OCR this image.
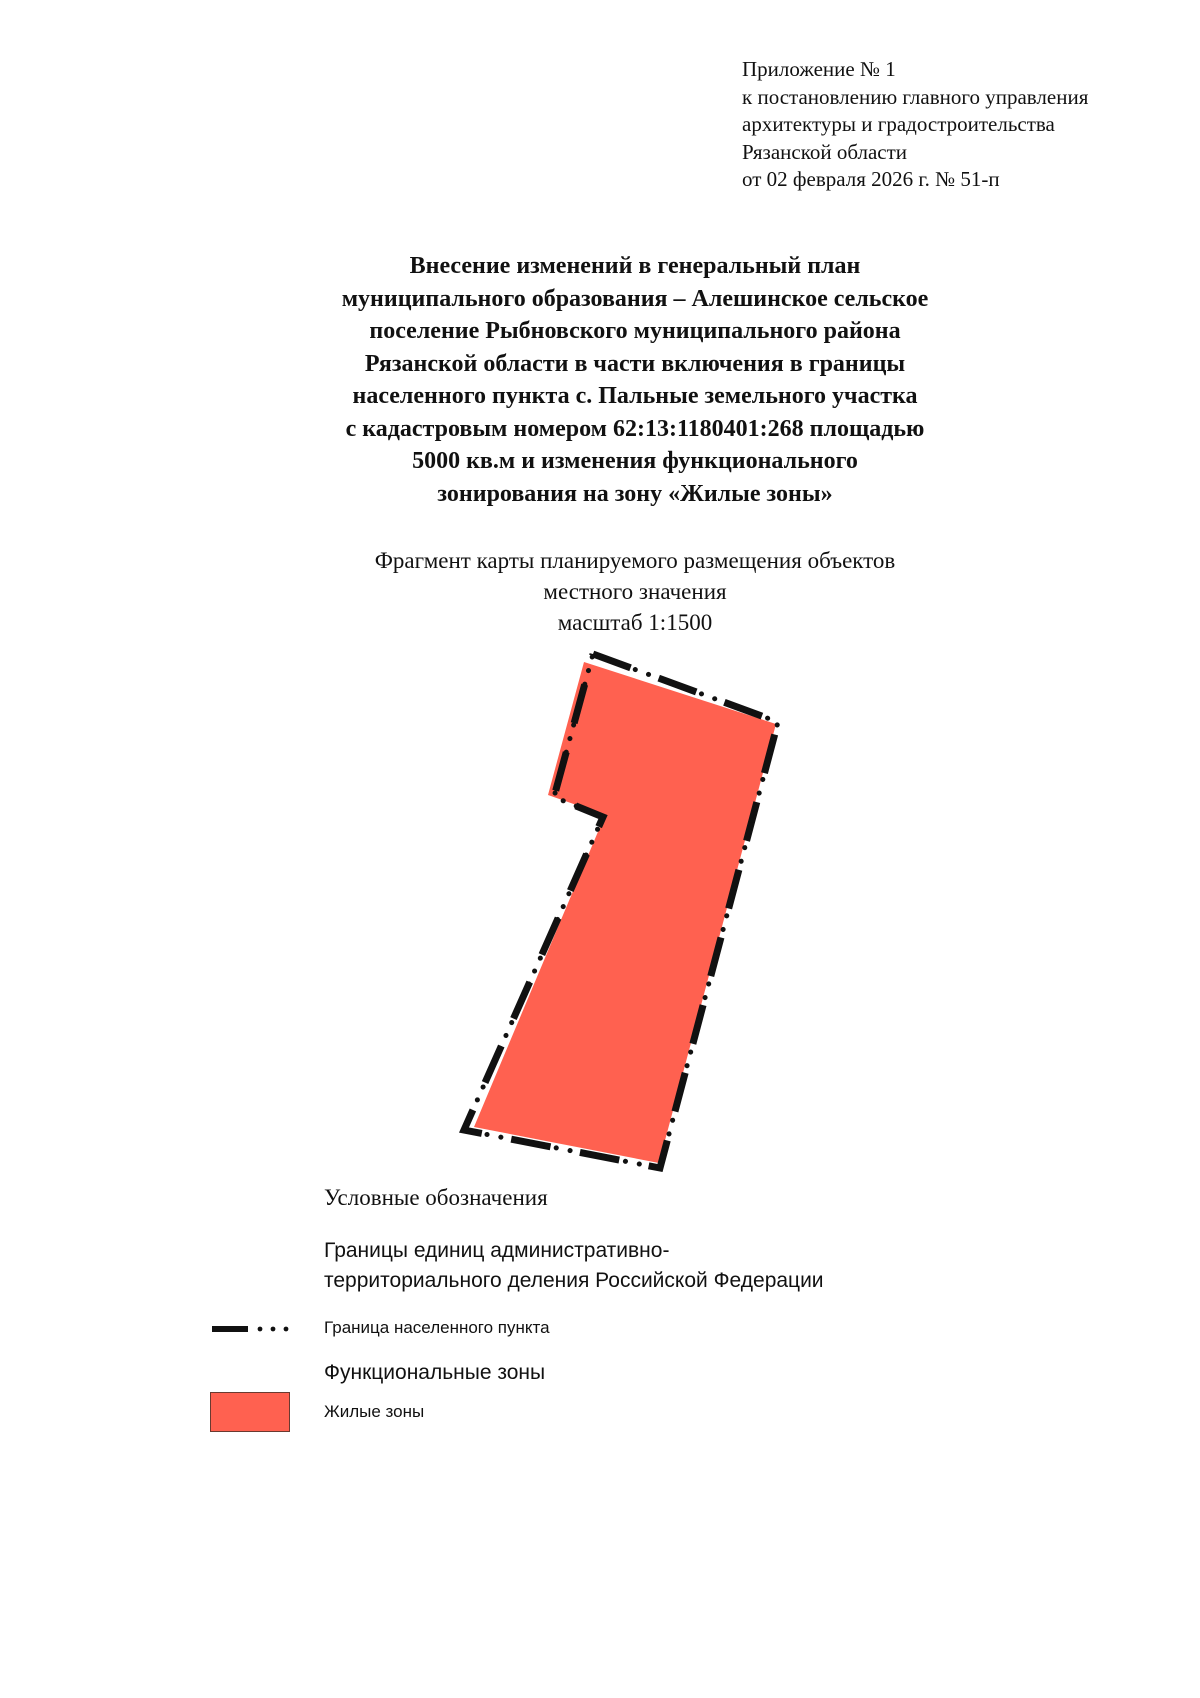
Приложение № 1
к постановлению главного управления
архитектуры и градостроительства
Рязанской области
от 02 февраля 2026 г. № 51-п
Внесение изменений в генеральный план
муниципального образования – Алешинское сельское
поселение Рыбновского муниципального района
Рязанской области в части включения в границы
населенного пункта с. Пальные земельного участка
с кадастровым номером 62:13:1180401:268 площадью
5000 кв.м и изменения функционального
зонирования на зону «Жилые зоны»
Фрагмент карты планируемого размещения объектов
местного значения
масштаб 1:1500
Условные обозначения
Границы единиц административно-
территориального деления Российской Федерации
Граница населенного пункта
Функциональные зоны
Жилые зоны
